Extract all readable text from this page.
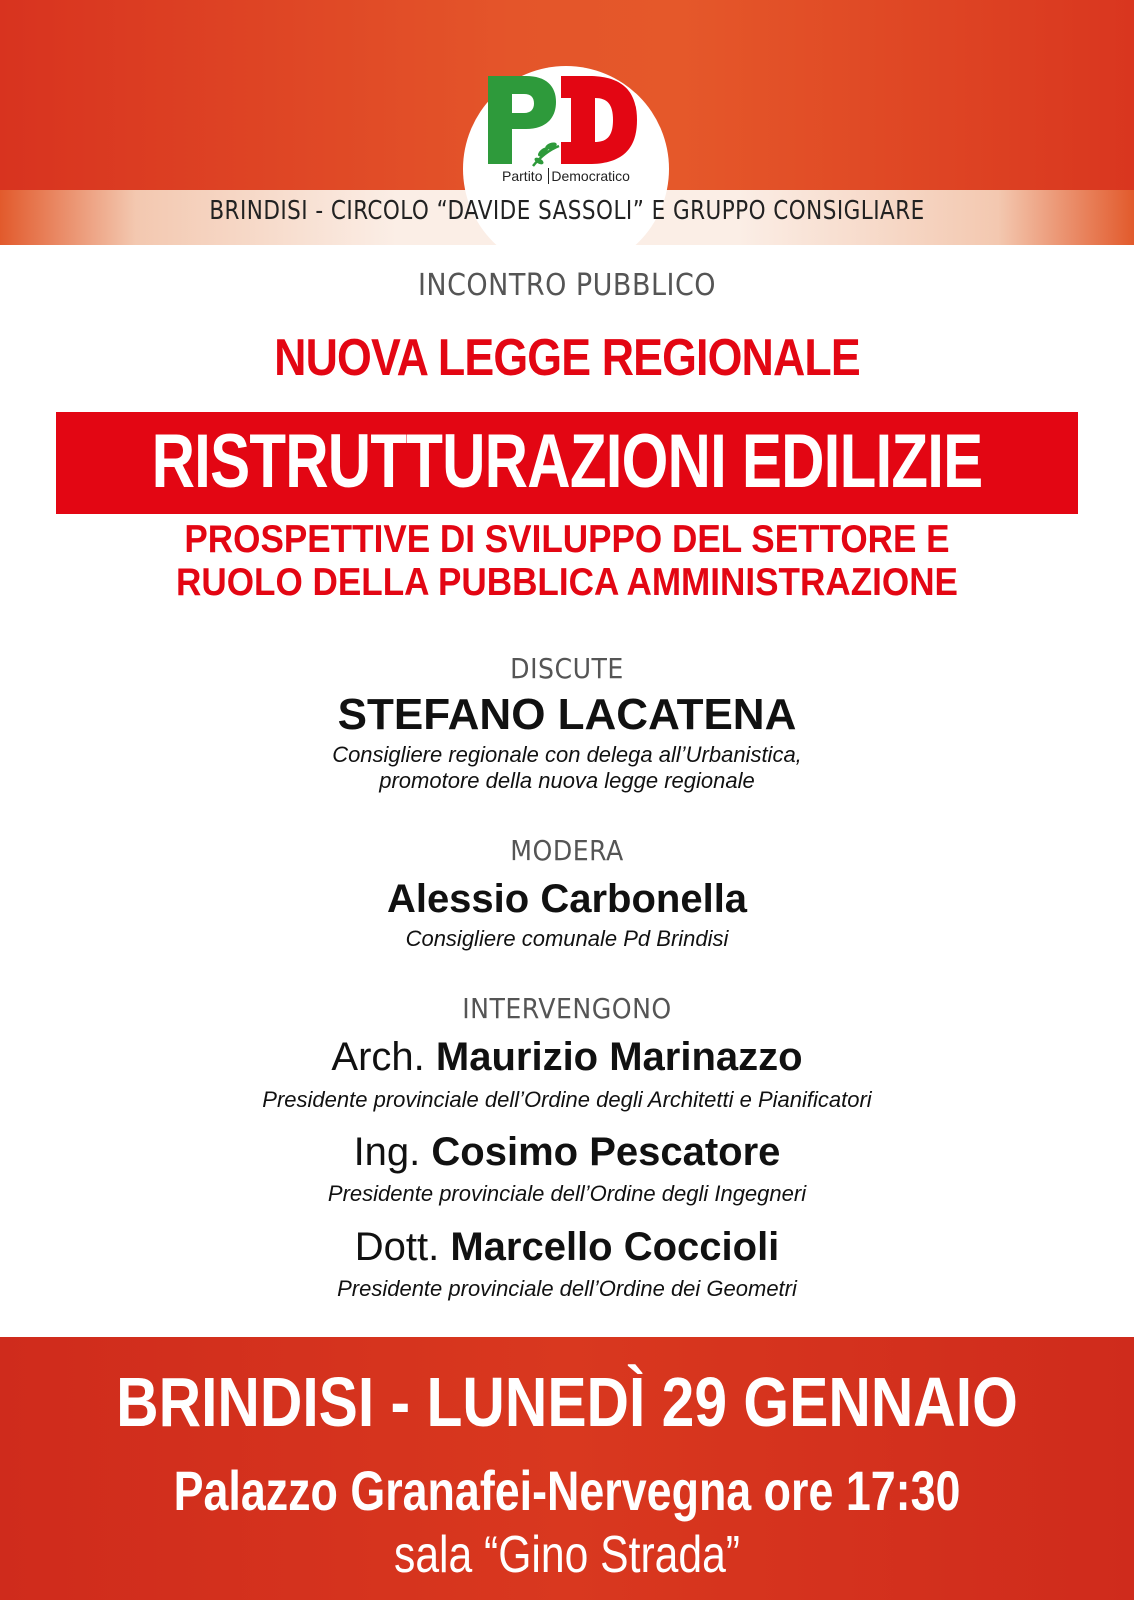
Partito Democratico
BRINDISI - CIRCOLO “DAVIDE SASSOLI” E GRUPPO CONSIGLIARE
INCONTRO PUBBLICO
NUOVA LEGGE REGIONALE
RISTRUTTURAZIONI EDILIZIE
PROSPETTIVE DI SVILUPPO DEL SETTORE E
RUOLO DELLA PUBBLICA AMMINISTRAZIONE
DISCUTE
STEFANO LACATENA
Consigliere regionale con delega all’Urbanistica,
promotore della nuova legge regionale
MODERA
Alessio Carbonella
Consigliere comunale Pd Brindisi
INTERVENGONO
Arch. Maurizio Marinazzo
Presidente provinciale dell’Ordine degli Architetti e Pianificatori
Ing. Cosimo Pescatore
Presidente provinciale dell’Ordine degli Ingegneri
Dott. Marcello Coccioli
Presidente provinciale dell’Ordine dei Geometri
BRINDISI - LUNEDÌ 29 GENNAIO
Palazzo Granafei-Nervegna ore 17:30
sala “Gino Strada”
